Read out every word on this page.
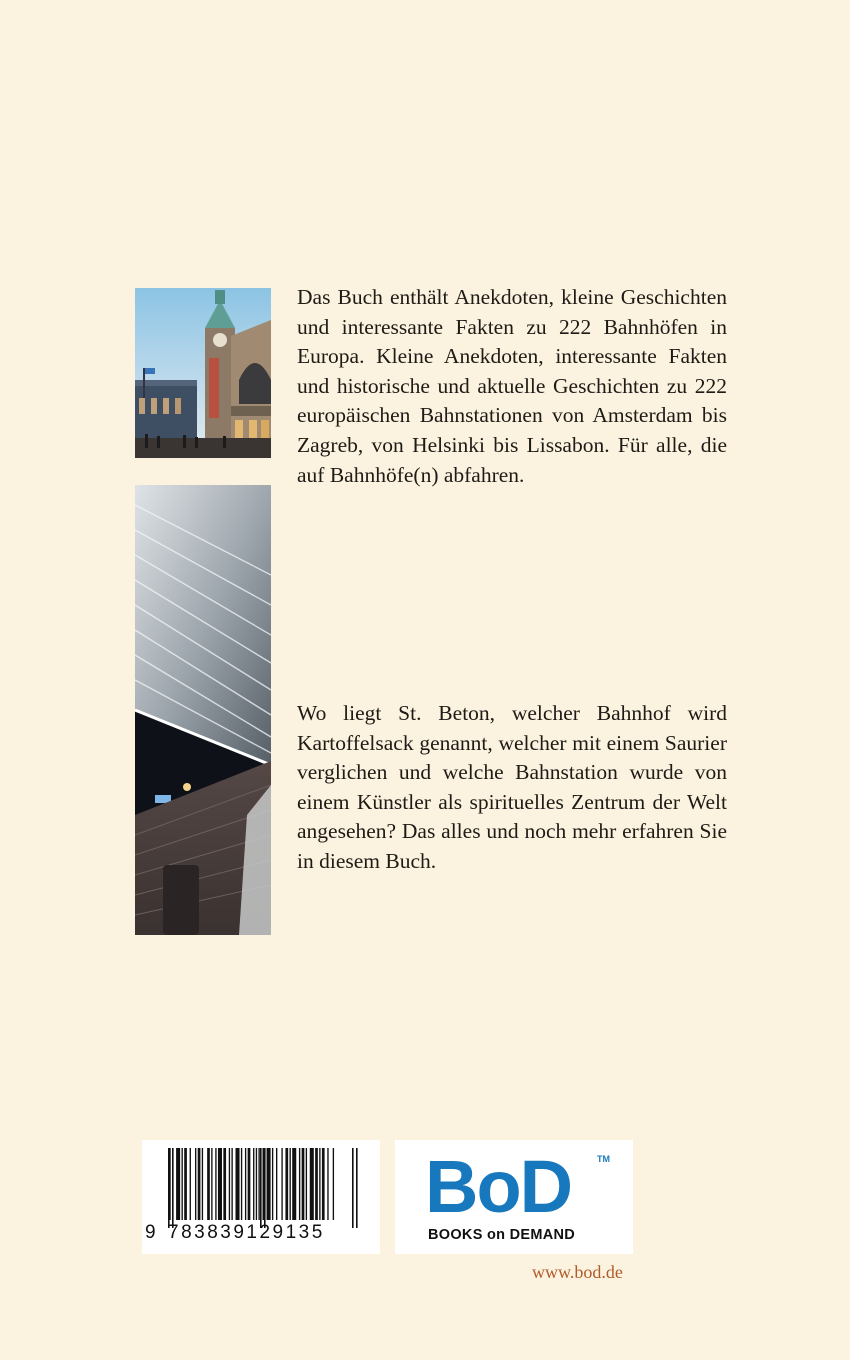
Das Buch enthält Anekdoten, kleine Geschichten und interessante Fakten zu 222 Bahnhöfen in Europa. Kleine Anekdoten, interessante Fakten und historische und aktuelle Geschichten zu 222 europäischen Bahnstationen von Amsterdam bis Zagreb, von Helsinki bis Lissabon. Für alle, die auf Bahnhöfe(n) abfahren.

Wo liegt St. Beton, welcher Bahnhof wird Kartoffelsack genannt, welcher mit einem Saurier verglichen und welche Bahnstation wurde von einem Künstler als spirituelles Zentrum der Welt angesehen? Das alles und noch mehr erfahren Sie in diesem Buch.

9 783839129135
BoD	TM
BOOKS on DEMAND
www.bod.de
